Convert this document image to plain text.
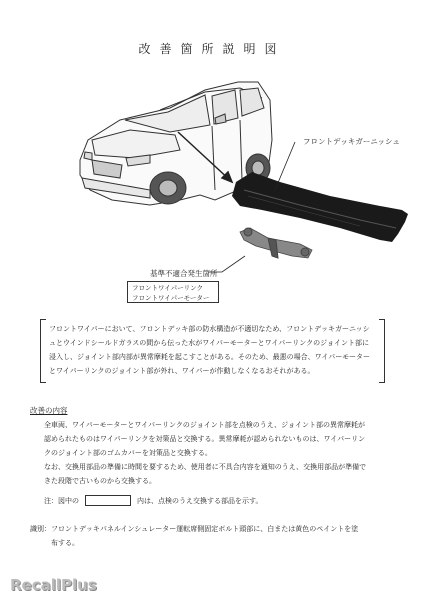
改善箇所説明図
フロントデッキガーニッシュ
基準不適合発生箇所
フロントワイパーリンク
フロントワイパーモーター
フロントワイパーにおいて、フロントデッキ部の防水構造が不適切なため、フロントデッキガーニッシ
ュとウインドシールドガラスの間から伝った水がワイパーモーターとワイパーリンクのジョイント部に
浸入し、ジョイント部内部が異常摩耗を起こすことがある。そのため、最悪の場合、ワイパーモーター
とワイパーリンクのジョイント部が外れ、ワイパーが作動しなくなるおそれがある。
改善の内容
全車両、ワイパーモーターとワイパーリンクのジョイント部を点検のうえ、ジョイント部の異常摩耗が
認められたものはワイパーリンクを対策品と交換する。異常摩耗が認められないものは、ワイパーリン
クのジョイント部のゴムカバーを対策品と交換する。
なお、交換用部品の準備に時間を要するため、使用者に不具合内容を通知のうえ、交換用部品が準備で
きた段階で古いものから交換する。
注：図中の	内は、点検のうえ交換する部品を示す。
識別：フロントデッキパネルインシュレーター運転席側固定ボルト頭部に、白または黄色のペイントを塗
　　　布する。
RecallPlus
